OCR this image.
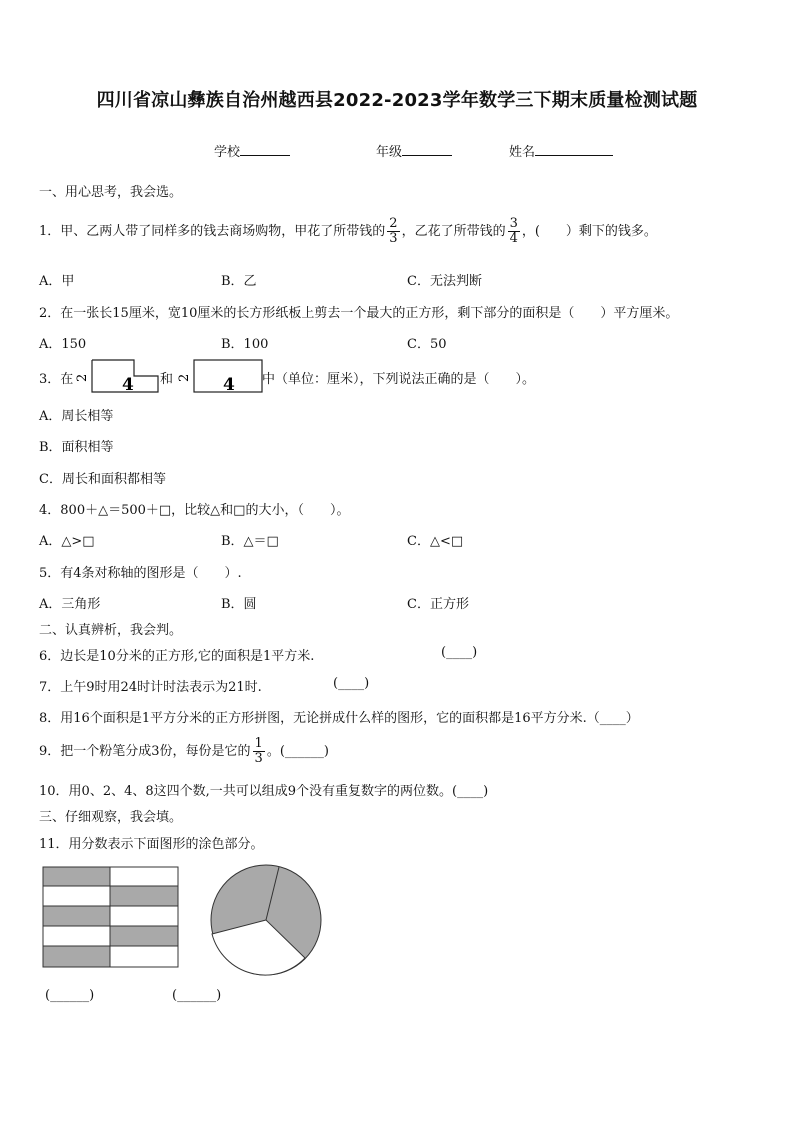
四川省凉山彝族自治州越西县2022-2023学年数学三下期末质量检测试题
学校	年级	姓名
一、用心思考，我会选。
1．甲、乙两人带了同样多的钱去商场购物，甲花了所带钱的 $\frac{2}{3}$ ，乙花了所带钱的 $\frac{3}{4}$ ，(　　）剩下的钱多。
A．甲	B．乙	C．无法判断
2．在一张长15厘米，宽10厘米的长方形纸板上剪去一个最大的正方形，剩下部分的面积是（　　）平方厘米。
A．150	B．100	C．50
3．在 2 4 和 2 4 中（单位：厘米），下列说法正确的是（　　）。
A．周长相等
B．面积相等
C．周长和面积都相等
4．800＋△＝500＋□，比较△和□的大小，（　　）。
A．△>□	B．△＝□	C．△<□
5．有4条对称轴的图形是（　　）.
A．三角形	B．圆	C．正方形
二、认真辨析，我会判。
6．边长是10分米的正方形,它的面积是1平方米.	(____)
7．上午9时用24时计时法表示为21时.	(____)
8．用16个面积是1平方分米的正方形拼图，无论拼成什么样的图形，它的面积都是16平方分米.（____）
9．把一个粉笔分成3份，每份是它的 $\frac{1}{3}$ 。(______)
10．用0、2、4、8这四个数,一共可以组成9个没有重复数字的两位数。(____)
三、仔细观察，我会填。
11．用分数表示下面图形的涂色部分。
(______)	(______)
